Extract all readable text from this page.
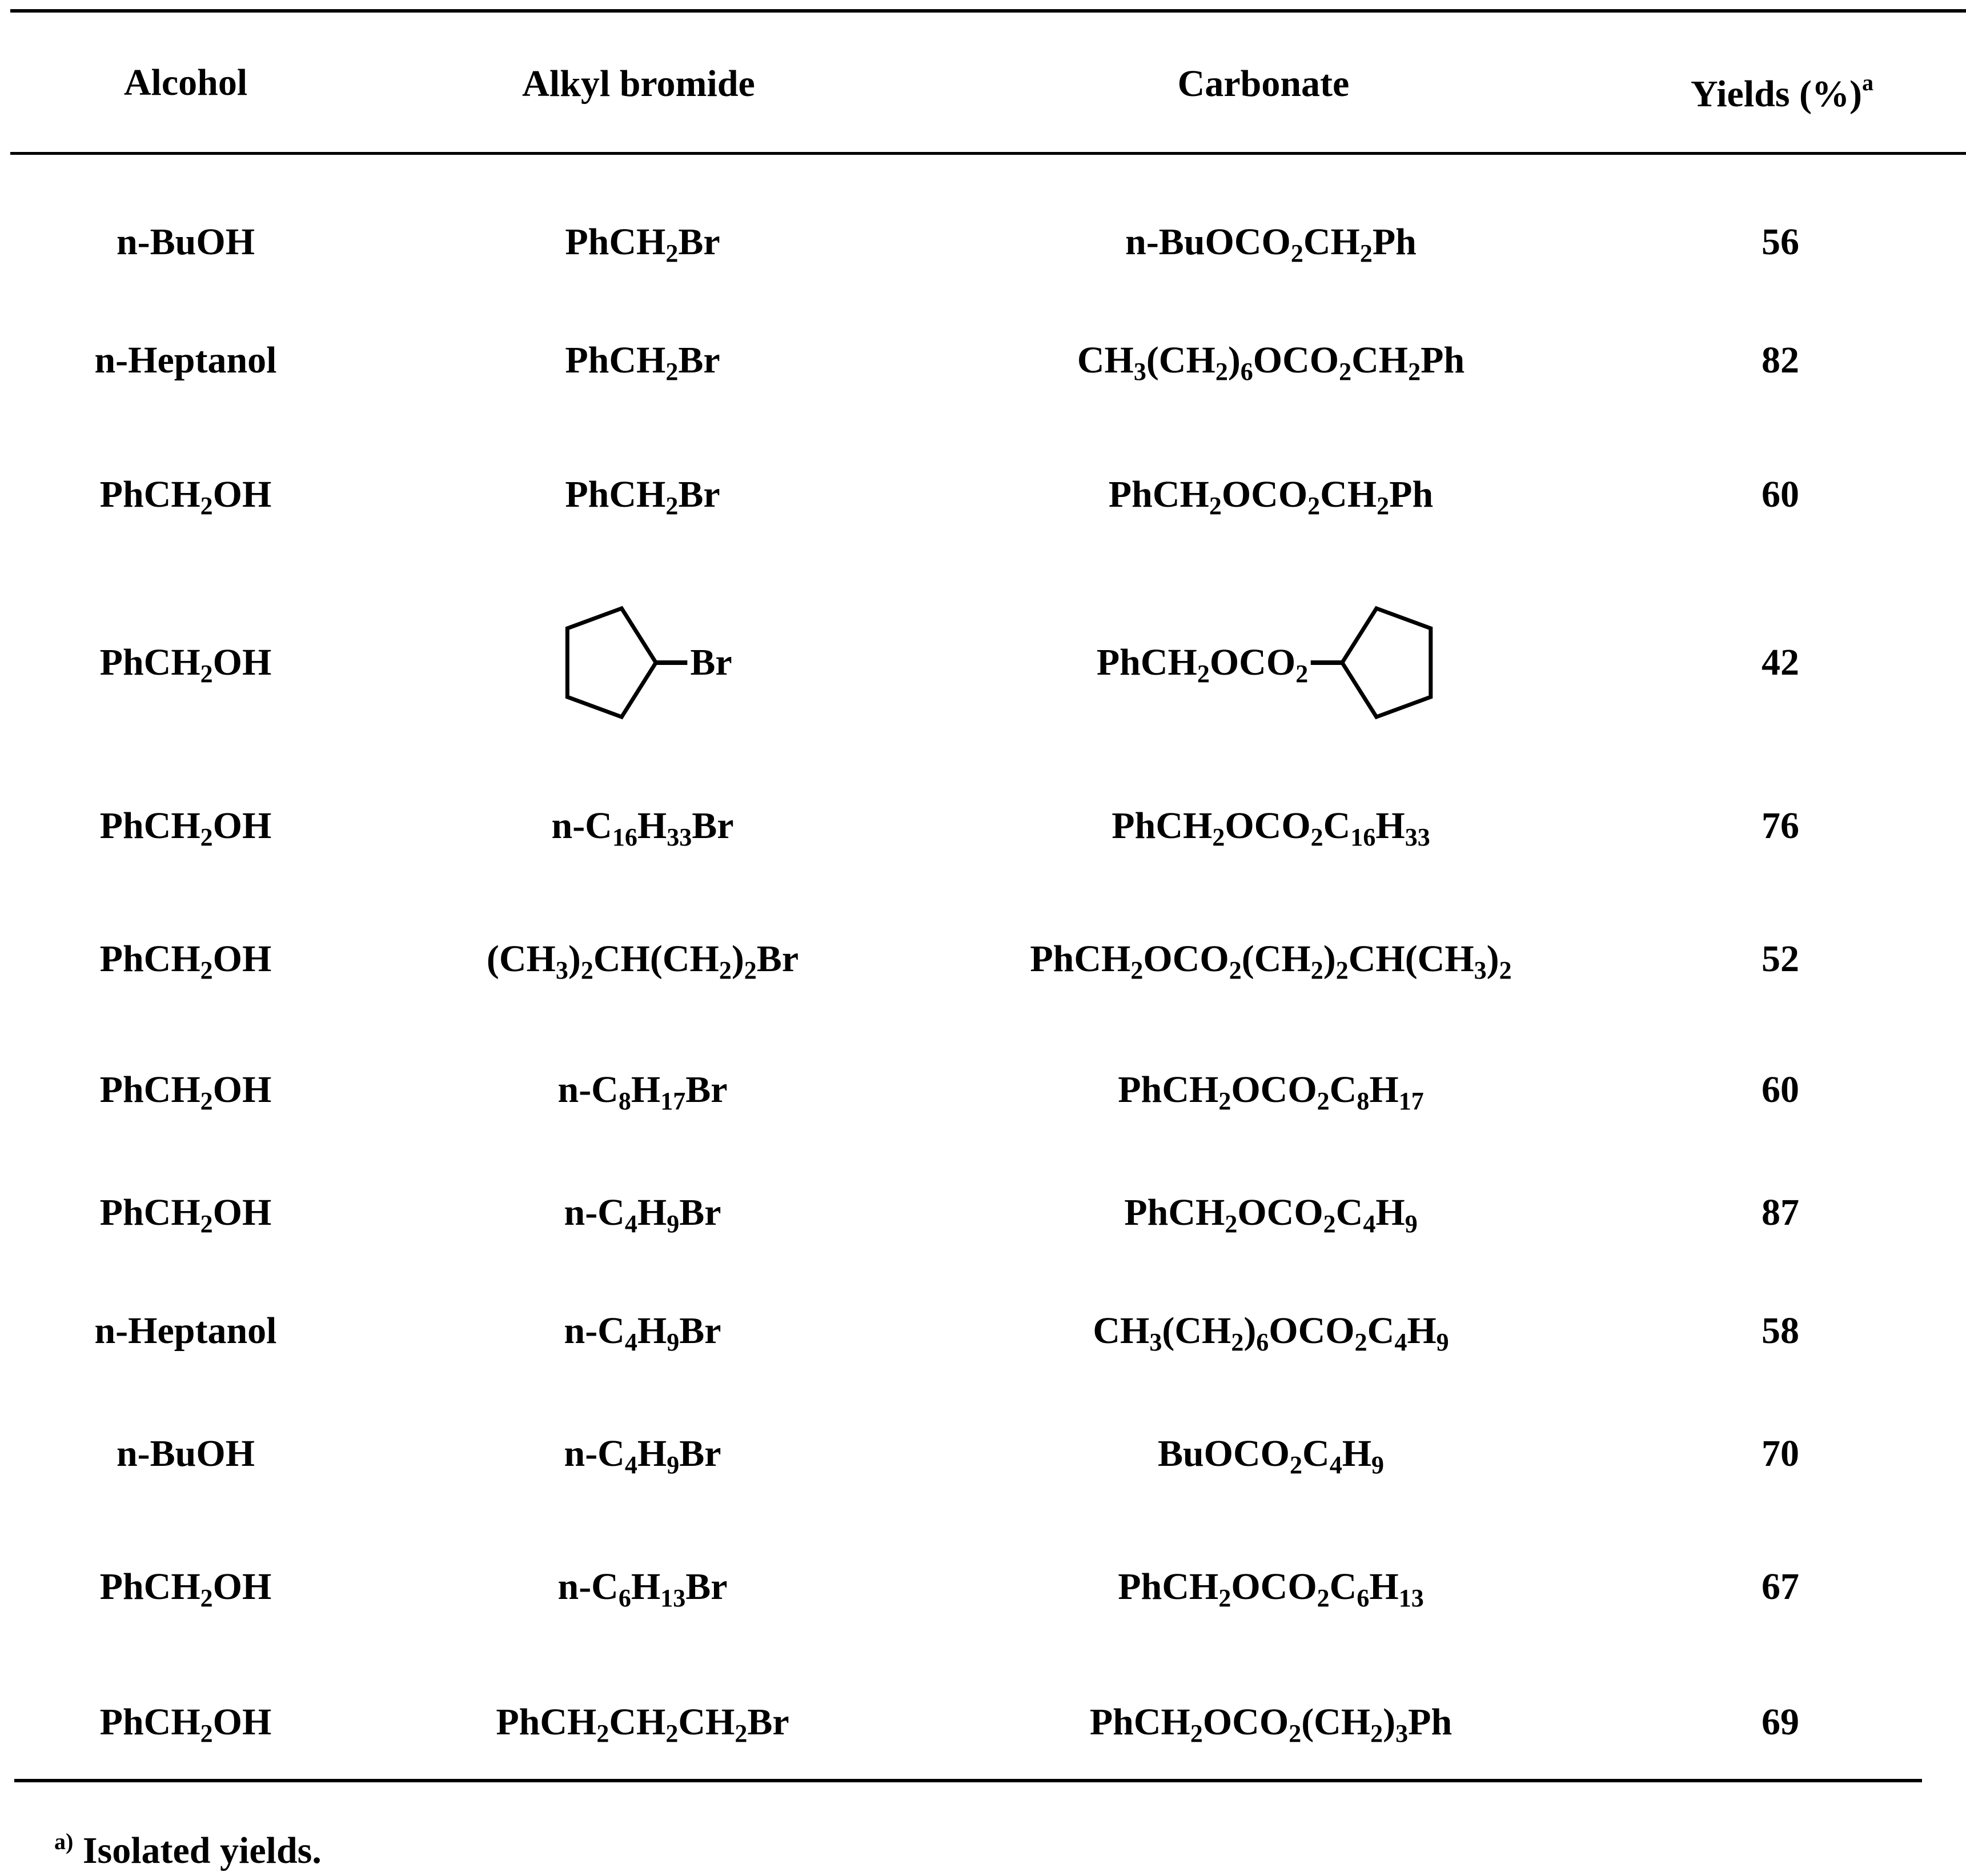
Alcohol	Alkyl bromide	Carbonate	Yields (%)$^a$
n-BuOH	PhCH$_2$Br	$n-BuOCO_2CH_2Ph$	56
n-Heptanol	PhCH$_2$Br	$CH_3(CH_2)_6OCO_2CH_2Ph$	82
PhCH$_2$OH	PhCH$_2$Br	$PhCH_2OCO_2CH_2Ph$	60
PhCH$_2$OH	Br	$PhCH_2OCO_2$	42
PhCH$_2$OH	$n-C_{16}H_{33}Br$	$PhCH_2OCO_2C_{16}H_{33}$	76
PhCH$_2$OH	$(CH_3)_2CH(CH_2)_2Br$	$PhCH_2OCO_2(CH_2)_2CH(CH_3)_2$	52
PhCH$_2$OH	$n-C_8H_{17}Br$	$PhCH_2OCO_2C_8H_{17}$	60
PhCH$_2$OH	$n-C_4H_9Br$	$PhCH_2OCO_2C_4H_9$	87
n-Heptanol	$n-C_4H_9Br$	$CH_3(CH_2)_6OCO_2C_4H_9$	58
n-BuOH	$n-C_4H_9Br$	$BuOCO_2C_4H_9$	70
PhCH$_2$OH	$n-C_6H_{13}Br$	$PhCH_2OCO_2C_6H_{13}$	67
PhCH$_2$OH	$PhCH_2CH_2CH_2Br$	$PhCH_2OCO_2(CH_2)_3Ph$	69
$^{a)}$ Isolated yields.
